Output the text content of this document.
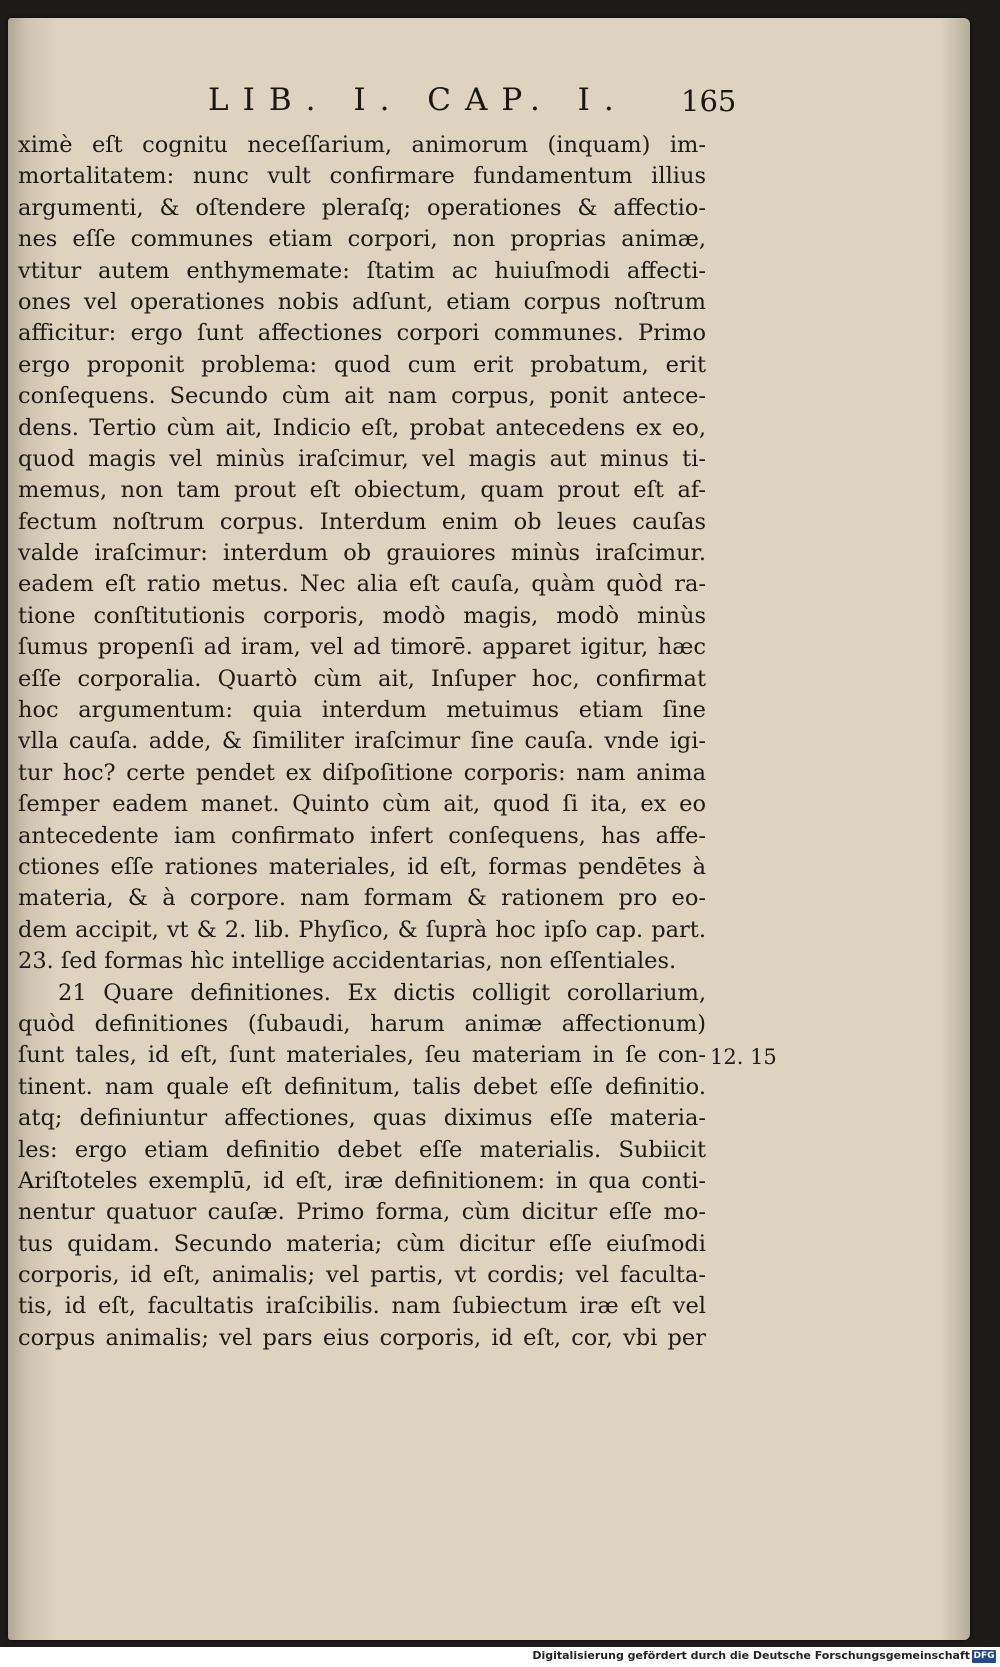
LIB. I. CAP. I. 165
ximè eſt cognitu neceſſarium, animorum (inquam) im-
mortalitatem: nunc vult confirmare fundamentum illius
argumenti, & oſtendere pleraſq; operationes & affectio-
nes eſſe communes etiam corpori, non proprias animæ,
vtitur autem enthymemate: ſtatim ac huiuſmodi affecti-
ones vel operationes nobis adſunt, etiam corpus noſtrum
afficitur: ergo ſunt affectiones corpori communes. Primo
ergo proponit problema: quod cum erit probatum, erit
conſequens. Secundo cùm ait nam corpus, ponit antece-
dens. Tertio cùm ait, Indicio eſt, probat antecedens ex eo,
quod magis vel minùs iraſcimur, vel magis aut minus ti-
memus, non tam prout eſt obiectum, quam prout eſt af-
fectum noſtrum corpus. Interdum enim ob leues cauſas
valde iraſcimur: interdum ob grauiores minùs iraſcimur.
eadem eſt ratio metus. Nec alia eſt cauſa, quàm quòd ra-
tione conſtitutionis corporis, modò magis, modò minùs
ſumus propenſi ad iram, vel ad timorē. apparet igitur, hæc
eſſe corporalia. Quartò cùm ait, Inſuper hoc, confirmat
hoc argumentum: quia interdum metuimus etiam ſine
vlla cauſa. adde, & ſimiliter iraſcimur ſine cauſa. vnde igi-
tur hoc? certe pendet ex diſpoſitione corporis: nam anima
ſemper eadem manet. Quinto cùm ait, quod ſi ita, ex eo
antecedente iam confirmato infert conſequens, has affe-
ctiones eſſe rationes materiales, id eſt, formas pendētes à
materia, & à corpore. nam formam & rationem pro eo-
dem accipit, vt & 2. lib. Phyſico, & ſuprà hoc ipſo cap. part.
23. ſed formas hìc intellige accidentarias, non eſſentiales.
21 Quare definitiones. Ex dictis colligit corollarium,
quòd definitiones (ſubaudi, harum animæ affectionum)
ſunt tales, id eſt, ſunt materiales, ſeu materiam in ſe con-
tinent. nam quale eſt definitum, talis debet eſſe definitio.
atq; definiuntur affectiones, quas diximus eſſe materia-
les: ergo etiam definitio debet eſſe materialis. Subiicit
Ariſtoteles exemplū, id eſt, iræ definitionem: in qua conti-
nentur quatuor cauſæ. Primo forma, cùm dicitur eſſe mo-
tus quidam. Secundo materia; cùm dicitur eſſe eiuſmodi
corporis, id eſt, animalis; vel partis, vt cordis; vel faculta-
tis, id eſt, facultatis iraſcibilis. nam ſubiectum iræ eſt vel
corpus animalis; vel pars eius corporis, id eſt, cor, vbi per
12. 15
Digitalisierung gefördert durch die Deutsche Forschungsgemeinschaft DFG
